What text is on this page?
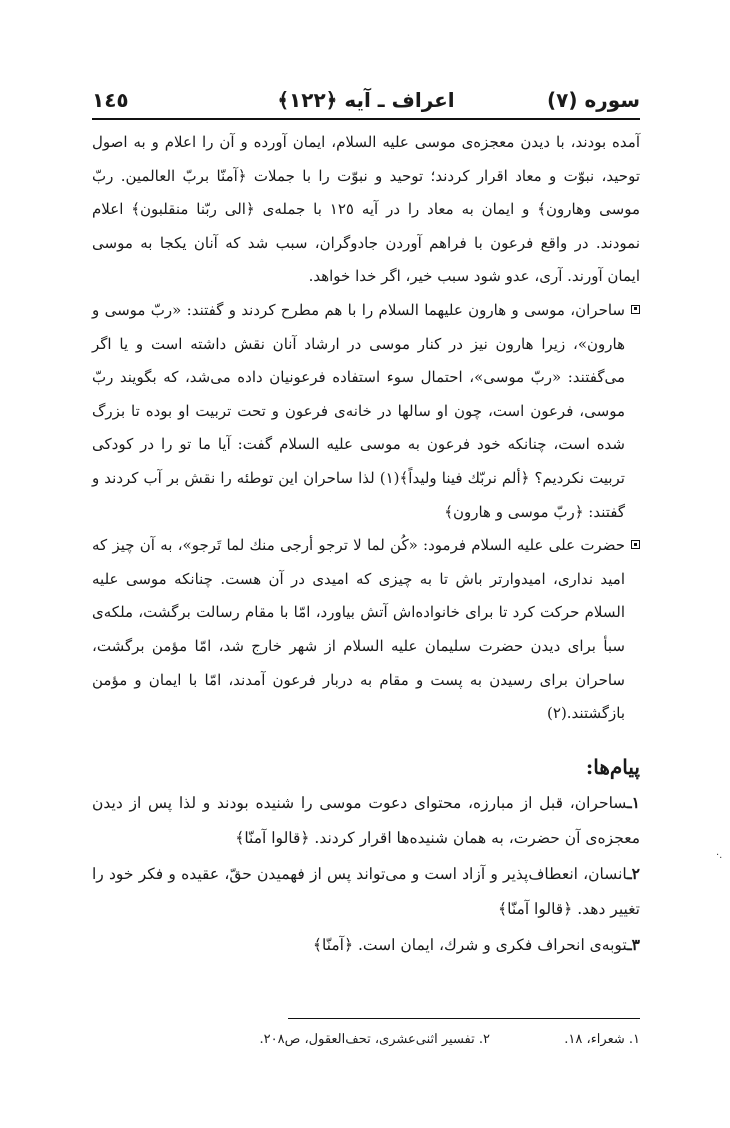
سوره (٧)
اعراف ـ آيه ﴿١٢٢﴾
١٤٥

آمده بودند، با ديدن معجزه‌ى موسى عليه السلام، ايمان آورده و آن را اعلام و به اصول توحيد، نبوّت و معاد اقرار كردند؛ توحيد و نبوّت را با جملات ﴿آمنّا بربّ العالمين. ربّ موسى وهارون﴾ و ايمان به معاد را در آيه ١٢٥ با جمله‌ى ﴿الى ربّنا منقلبون﴾ اعلام نمودند. در واقع فرعون با فراهم آوردن جادوگران، سبب شد كه آنان يكجا به موسى ايمان آورند. آرى، عدو شود سبب خير، اگر خدا خواهد.

ساحران، موسى و هارون عليهما السلام را با هم مطرح كردند و گفتند: «ربّ موسى و هارون»، زيرا هارون نيز در كنار موسى در ارشاد آنان نقش داشته است و يا اگر مى‌گفتند: «ربّ موسى»، احتمال سوء استفاده فرعونيان داده مى‌شد، كه بگويند ربّ موسى، فرعون است، چون او سالها در خانه‌ى فرعون و تحت تربيت او بوده تا بزرگ شده است، چنانكه خود فرعون به موسى عليه السلام گفت: آيا ما تو را در كودكى تربيت نكرديم؟ ﴿ألم نربّك فينا وليداً﴾(١) لذا ساحران اين توطئه را نقش بر آب كردند و گفتند: ﴿ربّ موسى و هارون﴾
حضرت على عليه السلام فرمود: «كُن لما لا ترجو أرجى منك لما تَرجو»، به آن چيز كه اميد ندارى، اميدوارتر باش تا به چيزى كه اميدى در آن هست. چنانكه موسى عليه السلام حركت كرد تا براى خانواده‌اش آتش بياورد، امّا با مقام رسالت برگشت، ملكه‌ى سبأ براى ديدن حضرت سليمان عليه السلام از شهر خارج شد، امّا مؤمن برگشت، ساحران براى رسيدن به پست و مقام به دربار فرعون آمدند، امّا با ايمان و مؤمن بازگشتند.(٢)
پيام‌ها:

١ـساحران، قبل از مبارزه، محتواى دعوت موسى را شنيده بودند و لذا پس از ديدن معجزه‌ى آن حضرت، به همان شنيده‌ها اقرار كردند. ﴿قالوا آمنّا﴾

٢ـانسان، انعطاف‌پذير و آزاد است و مى‌تواند پس از فهميدن حقّ، عقيده و فكر خود را تغيير دهد. ﴿قالوا آمنّا﴾

٣ـتوبه‌ى انحراف فكرى و شرك، ايمان است. ﴿آمنّا﴾

·.
١. شعراء، ١٨.
٢. تفسير اثنى‌عشرى، تحف‌العقول، ص٢٠٨.
